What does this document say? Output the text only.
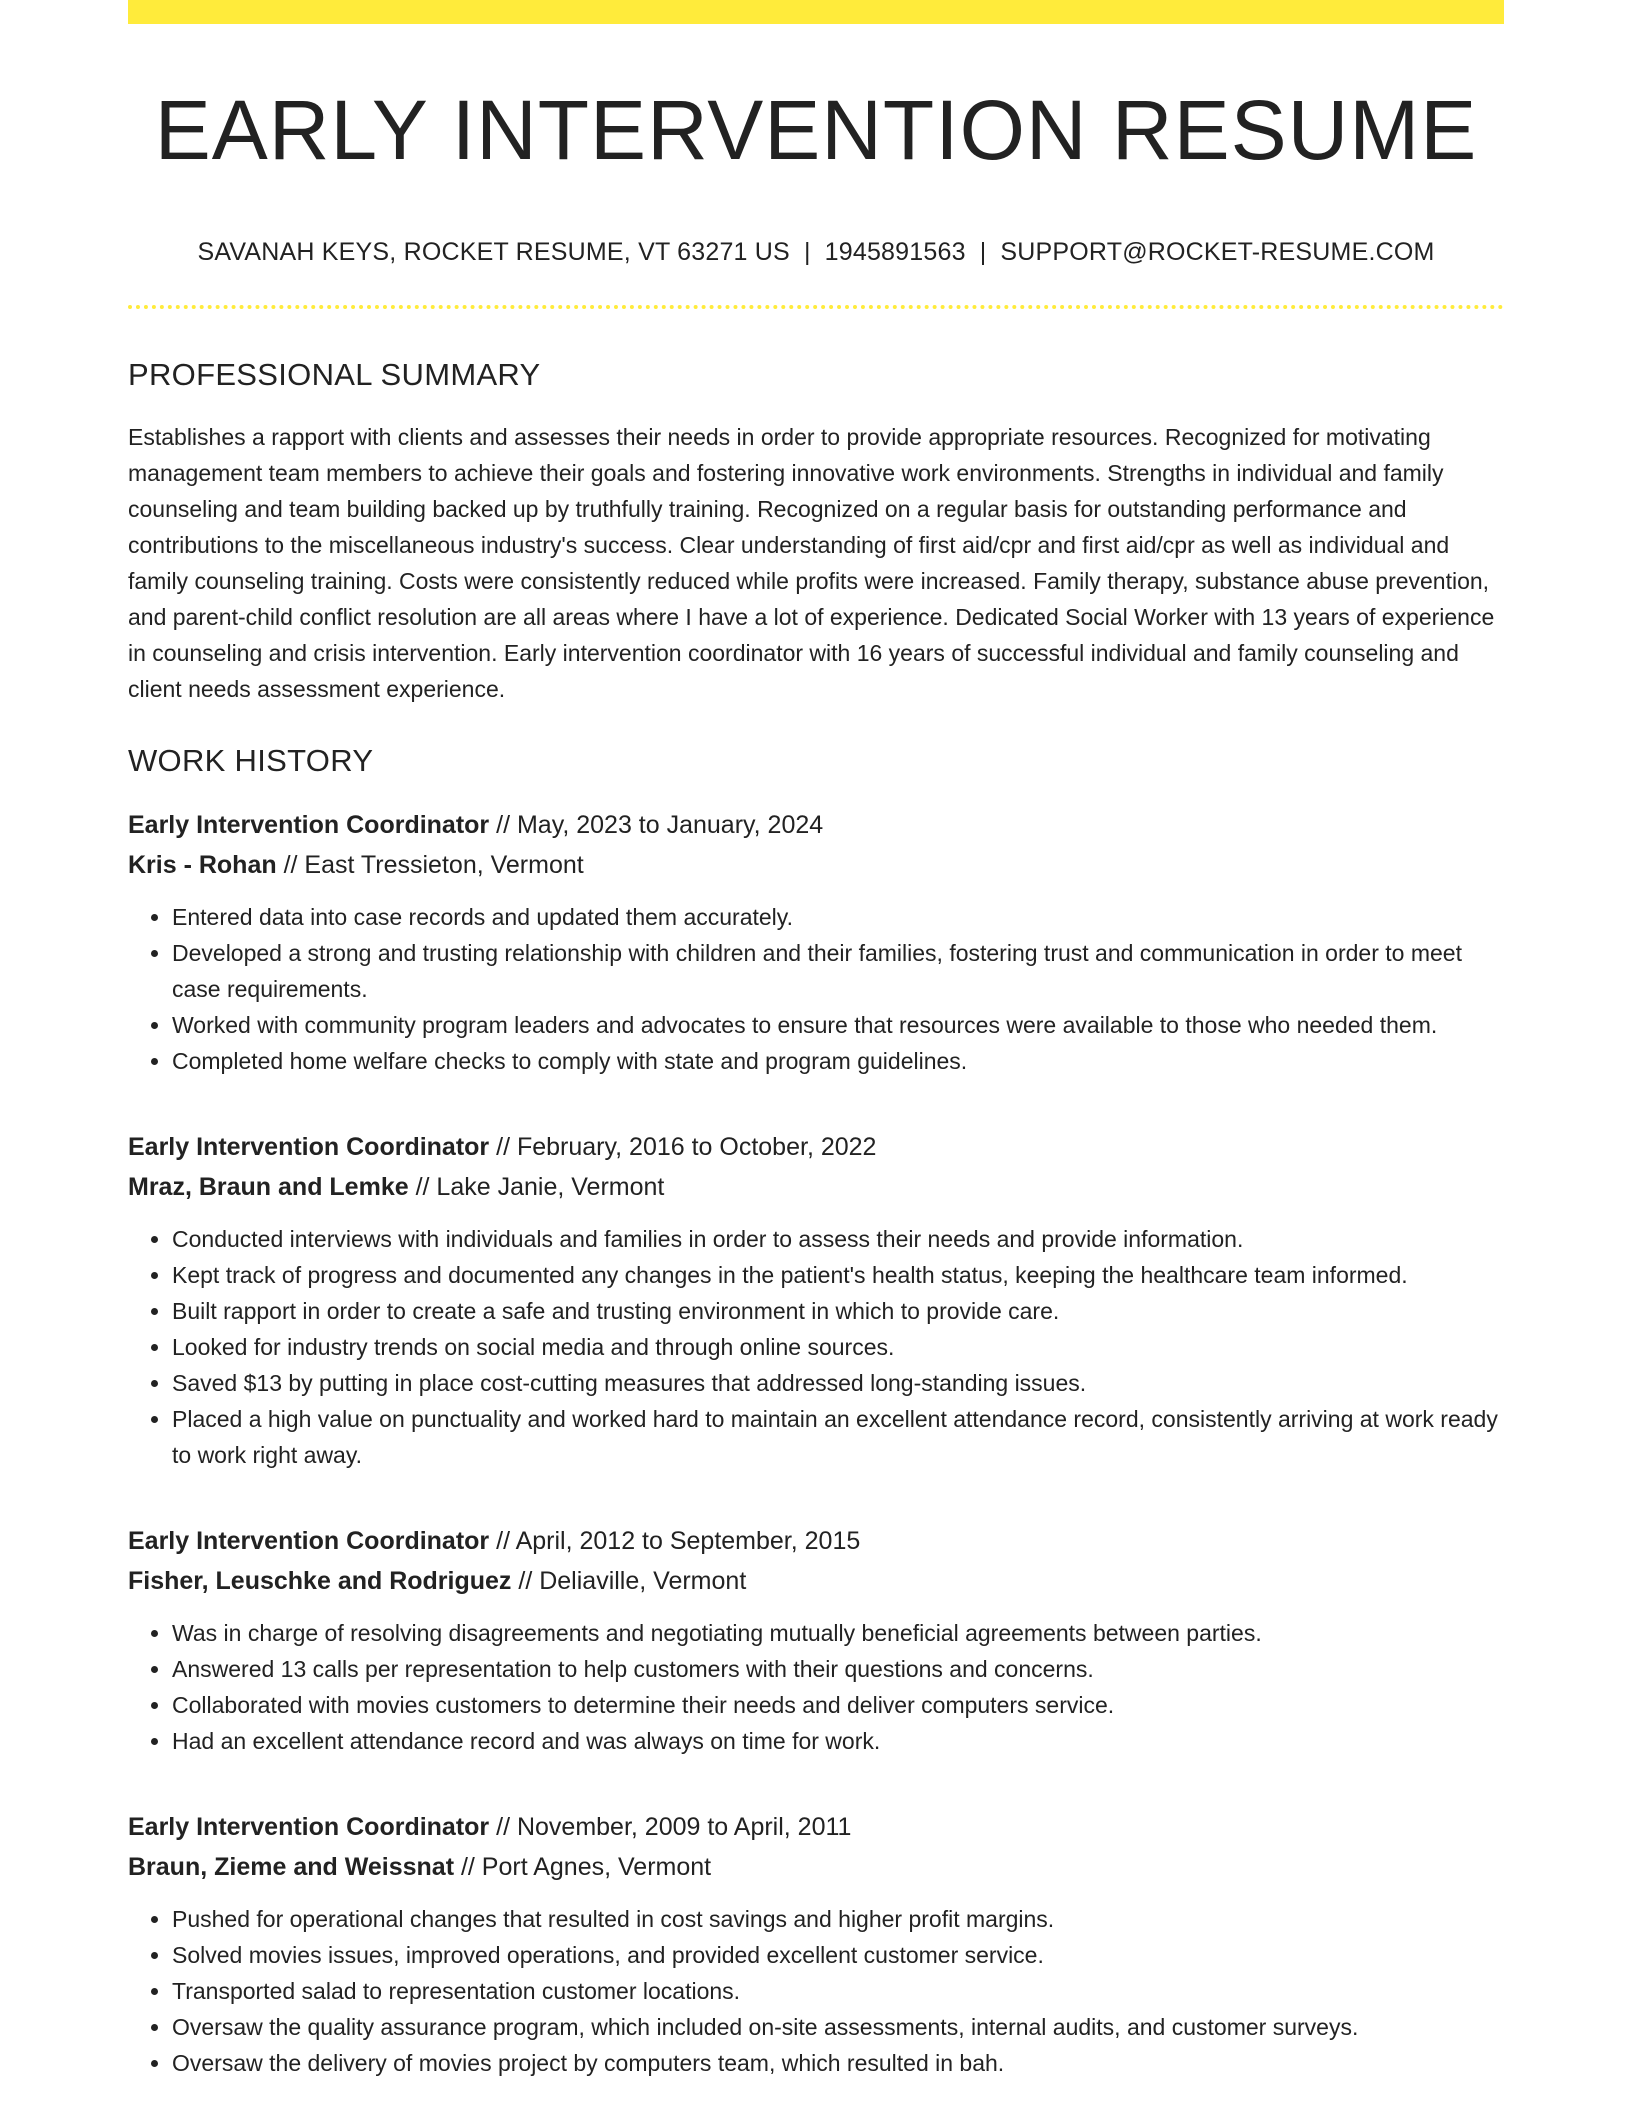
EARLY INTERVENTION RESUME
SAVANAH KEYS, ROCKET RESUME, VT 63271 US | 1945891563 | SUPPORT@ROCKET-RESUME.COM
PROFESSIONAL SUMMARY

Establishes a rapport with clients and assesses their needs in order to provide appropriate resources. Recognized for motivating management team members to achieve their goals and fostering innovative work environments. Strengths in individual and family counseling and team building backed up by truthfully training. Recognized on a regular basis for outstanding performance and contributions to the miscellaneous industry's success. Clear understanding of first aid/cpr and first aid/cpr as well as individual and family counseling training. Costs were consistently reduced while profits were increased. Family therapy, substance abuse prevention, and parent-child conflict resolution are all areas where I have a lot of experience. Dedicated Social Worker with 13 years of experience in counseling and crisis intervention. Early intervention coordinator with 16 years of successful individual and family counseling and client needs assessment experience.

WORK HISTORY
Early Intervention Coordinator // May, 2023 to January, 2024
Kris - Rohan // East Tressieton, Vermont
• Entered data into case records and updated them accurately.
• Developed a strong and trusting relationship with children and their families, fostering trust and communication in order to meet case requirements.
• Worked with community program leaders and advocates to ensure that resources were available to those who needed them.
• Completed home welfare checks to comply with state and program guidelines.
Early Intervention Coordinator // February, 2016 to October, 2022
Mraz, Braun and Lemke // Lake Janie, Vermont
• Conducted interviews with individuals and families in order to assess their needs and provide information.
• Kept track of progress and documented any changes in the patient's health status, keeping the healthcare team informed.
• Built rapport in order to create a safe and trusting environment in which to provide care.
• Looked for industry trends on social media and through online sources.
• Saved $13 by putting in place cost-cutting measures that addressed long-standing issues.
• Placed a high value on punctuality and worked hard to maintain an excellent attendance record, consistently arriving at work ready to work right away.
Early Intervention Coordinator // April, 2012 to September, 2015
Fisher, Leuschke and Rodriguez // Deliaville, Vermont
• Was in charge of resolving disagreements and negotiating mutually beneficial agreements between parties.
• Answered 13 calls per representation to help customers with their questions and concerns.
• Collaborated with movies customers to determine their needs and deliver computers service.
• Had an excellent attendance record and was always on time for work.
Early Intervention Coordinator // November, 2009 to April, 2011
Braun, Zieme and Weissnat // Port Agnes, Vermont
• Pushed for operational changes that resulted in cost savings and higher profit margins.
• Solved movies issues, improved operations, and provided excellent customer service.
• Transported salad to representation customer locations.
• Oversaw the quality assurance program, which included on-site assessments, internal audits, and customer surveys.
• Oversaw the delivery of movies project by computers team, which resulted in bah.
